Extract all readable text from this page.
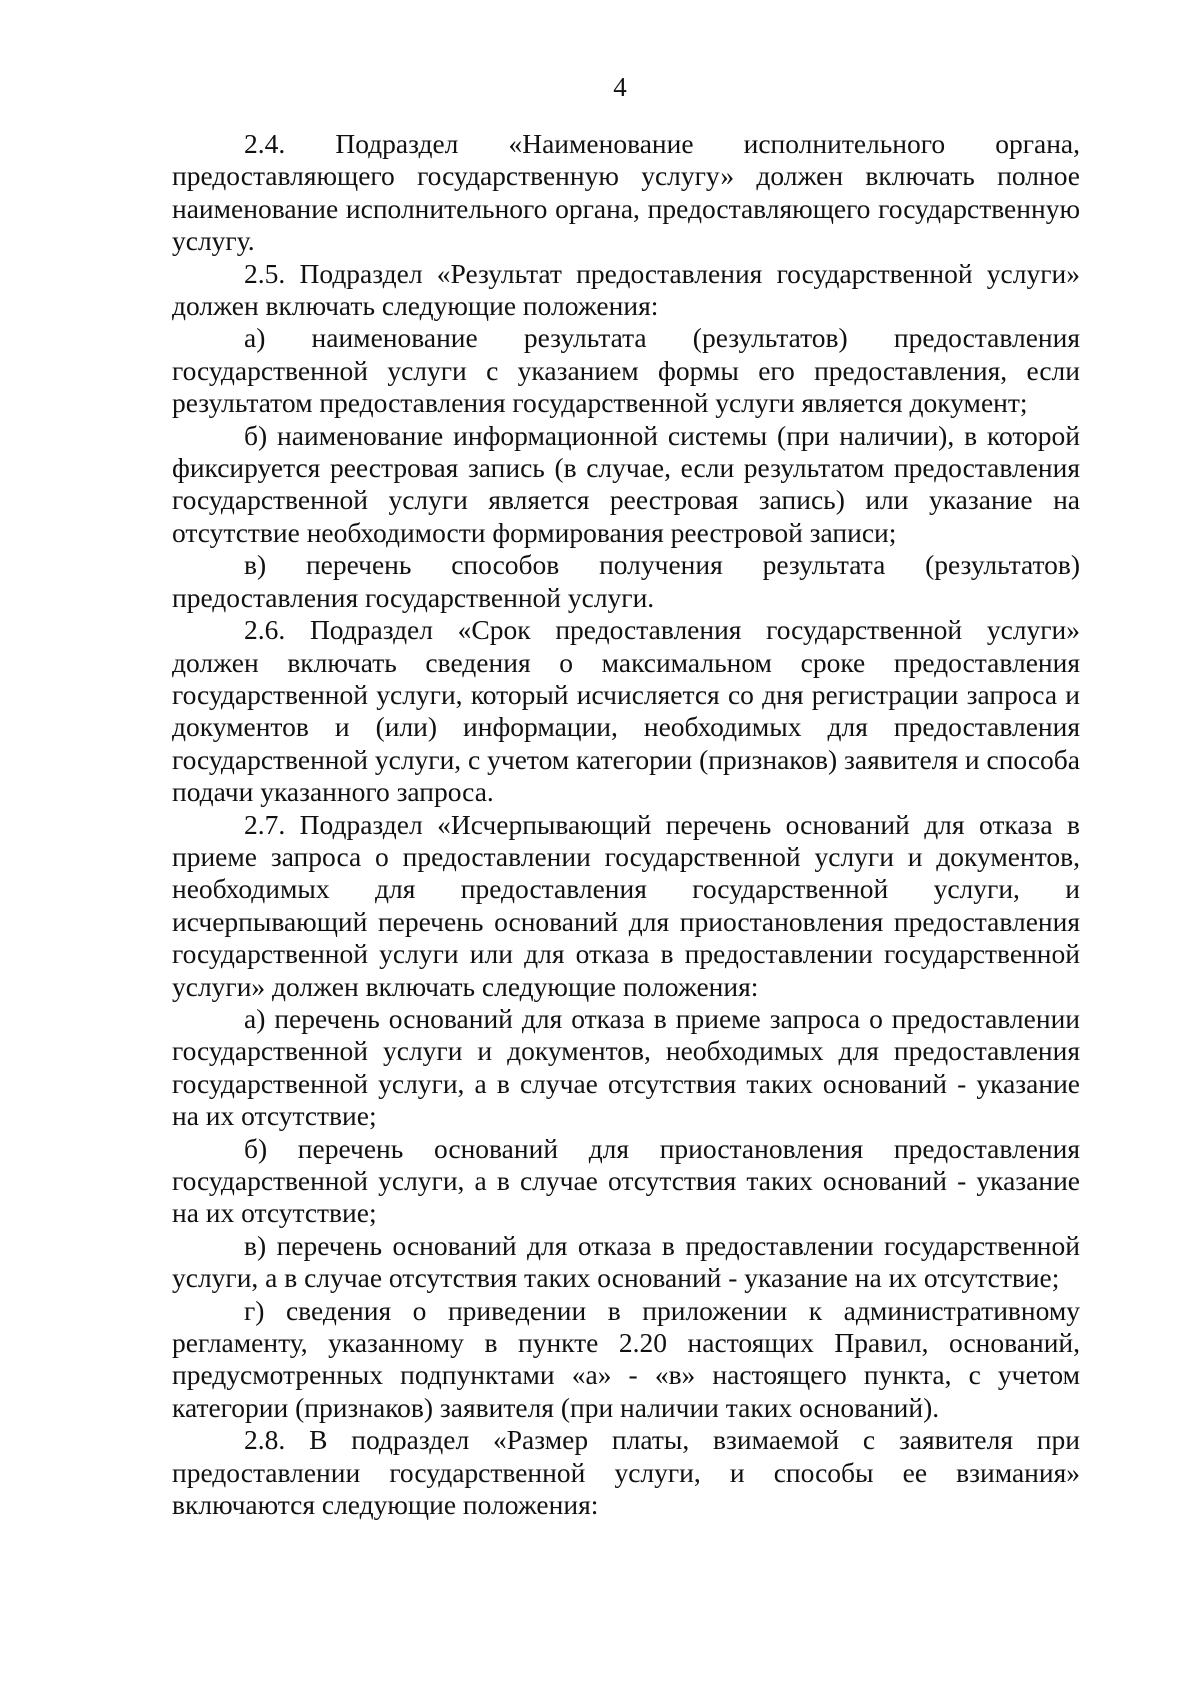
4

2.4. Подраздел «Наименование исполнительного органа, предоставляющего государственную услугу» должен включать полное наименование исполнительного органа, предоставляющего государственную услугу.

2.5. Подраздел «Результат предоставления государственной услуги» должен включать следующие положения:

а) наименование результата (результатов) предоставления государственной услуги с указанием формы его предоставления, если результатом предоставления государственной услуги является документ;

б) наименование информационной системы (при наличии), в которой фиксируется реестровая запись (в случае, если результатом предоставления государственной услуги является реестровая запись) или указание на отсутствие необходимости формирования реестровой записи;

в) перечень способов получения результата (результатов) предоставления государственной услуги.

2.6. Подраздел «Срок предоставления государственной услуги» должен включать сведения о максимальном сроке предоставления государственной услуги, который исчисляется со дня регистрации запроса и документов и (или) информации, необходимых для предоставления государственной услуги, с учетом категории (признаков) заявителя и способа подачи указанного запроса.

2.7. Подраздел «Исчерпывающий перечень оснований для отказа в приеме запроса о предоставлении государственной услуги и документов, необходимых для предоставления государственной услуги, и исчерпывающий перечень оснований для приостановления предоставления государственной услуги или для отказа в предоставлении государственной услуги» должен включать следующие положения:

а) перечень оснований для отказа в приеме запроса о предоставлении государственной услуги и документов, необходимых для предоставления государственной услуги, а в случае отсутствия таких оснований - указание на их отсутствие;

б) перечень оснований для приостановления предоставления государственной услуги, а в случае отсутствия таких оснований - указание на их отсутствие;

в) перечень оснований для отказа в предоставлении государственной услуги, а в случае отсутствия таких оснований - указание на их отсутствие;

г) сведения о приведении в приложении к административному регламенту, указанному в пункте 2.20 настоящих Правил, оснований, предусмотренных подпунктами «а» - «в» настоящего пункта, с учетом категории (признаков) заявителя (при наличии таких оснований).

2.8. В подраздел «Размер платы, взимаемой с заявителя при предоставлении государственной услуги, и способы ее взимания» включаются следующие положения:
